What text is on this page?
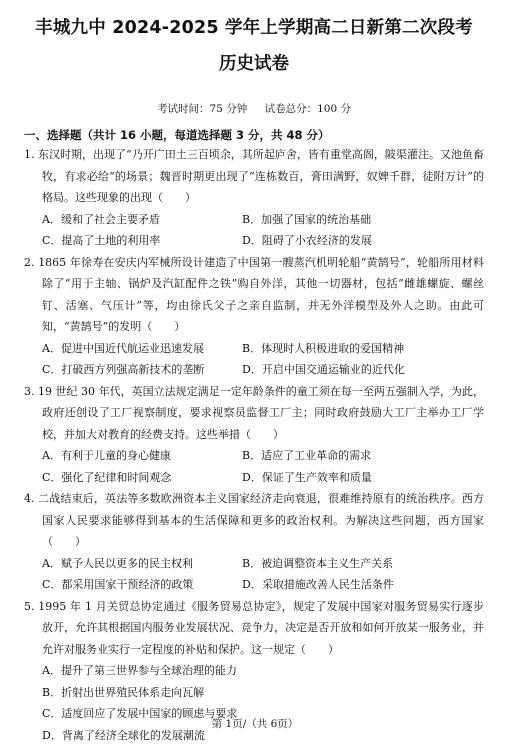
丰城九中 2024-2025 学年上学期高二日新第二次段考
历史试卷
考试时间：75 分钟 试卷总分：100 分
一、选择题（共计 16 小题，每道选择题 3 分，共 48 分）
1. 东汉时期，出现了“乃开广田土三百顷余，其所起庐舍，皆有重堂高阁，陂渠灌注。又池鱼畜牧，有求必给”的场景；魏晋时期更出现了“连栋数百，膏田满野，奴婢千群，徒附万计”的格局。这些现象的出现（　　）
A．缓和了社会主要矛盾	B．加强了国家的统治基础
C．提高了土地的利用率	D．阻碍了小农经济的发展
2. 1865 年徐寿在安庆内军械所设计建造了中国第一艘蒸汽机明轮船“黄鹄号”，轮船所用材料除了“用于主轴、锅炉及汽缸配件之铁”购自外洋，其他一切器材，包括“雌雄螺旋、螺丝钉、活塞、气压计”等，均由徐氏父子之亲自监制，并无外洋模型及外人之助。由此可知，“黄鹄号”的发明（　　）
A．促进中国近代航运业迅速发展	B．体现时人积极进取的爱国精神
C．打破西方列强高新技术的垄断	D．开启中国交通运输业的近代化
3. 19 世纪 30 年代，英国立法规定满足一定年龄条件的童工须在每一至两五强制入学，为此，政府还创设了工厂视察制度，要求视察员监督工厂主；同时政府鼓励大工厂主举办工厂学校，并加大对教育的经费支持。这些举措（　　）
A．有利于儿童的身心健康	B．适应了工业革命的需求
C．强化了纪律和时间观念	D．保证了生产效率和质量
4. 二战结束后，英法等多数欧洲资本主义国家经济走向衰退，很难维持原有的统治秩序。西方国家人民要求能够得到基本的生活保障和更多的政治权利。为解决这些问题，西方国家（　　）
A．赋予人民以更多的民主权利	B．被迫调整资本主义生产关系
C．都采用国家干预经济的政策	D．采取措施改善人民生活条件
5. 1995 年 1 月关贸总协定通过《服务贸易总协定》，规定了发展中国家对服务贸易实行逐步放开，允许其根据国内服务业发展状况、竞争力，决定是否开放和如何开放某一服务业，并允许对服务业实行一定程度的补贴和保护。这一规定（　　）
A．提升了第三世界参与全球治理的能力
B．折射出世界殖民体系走向瓦解
C．适度回应了发展中国家的顾虑与要求
D．背离了经济全球化的发展潮流
第 1页/（共 6页）
